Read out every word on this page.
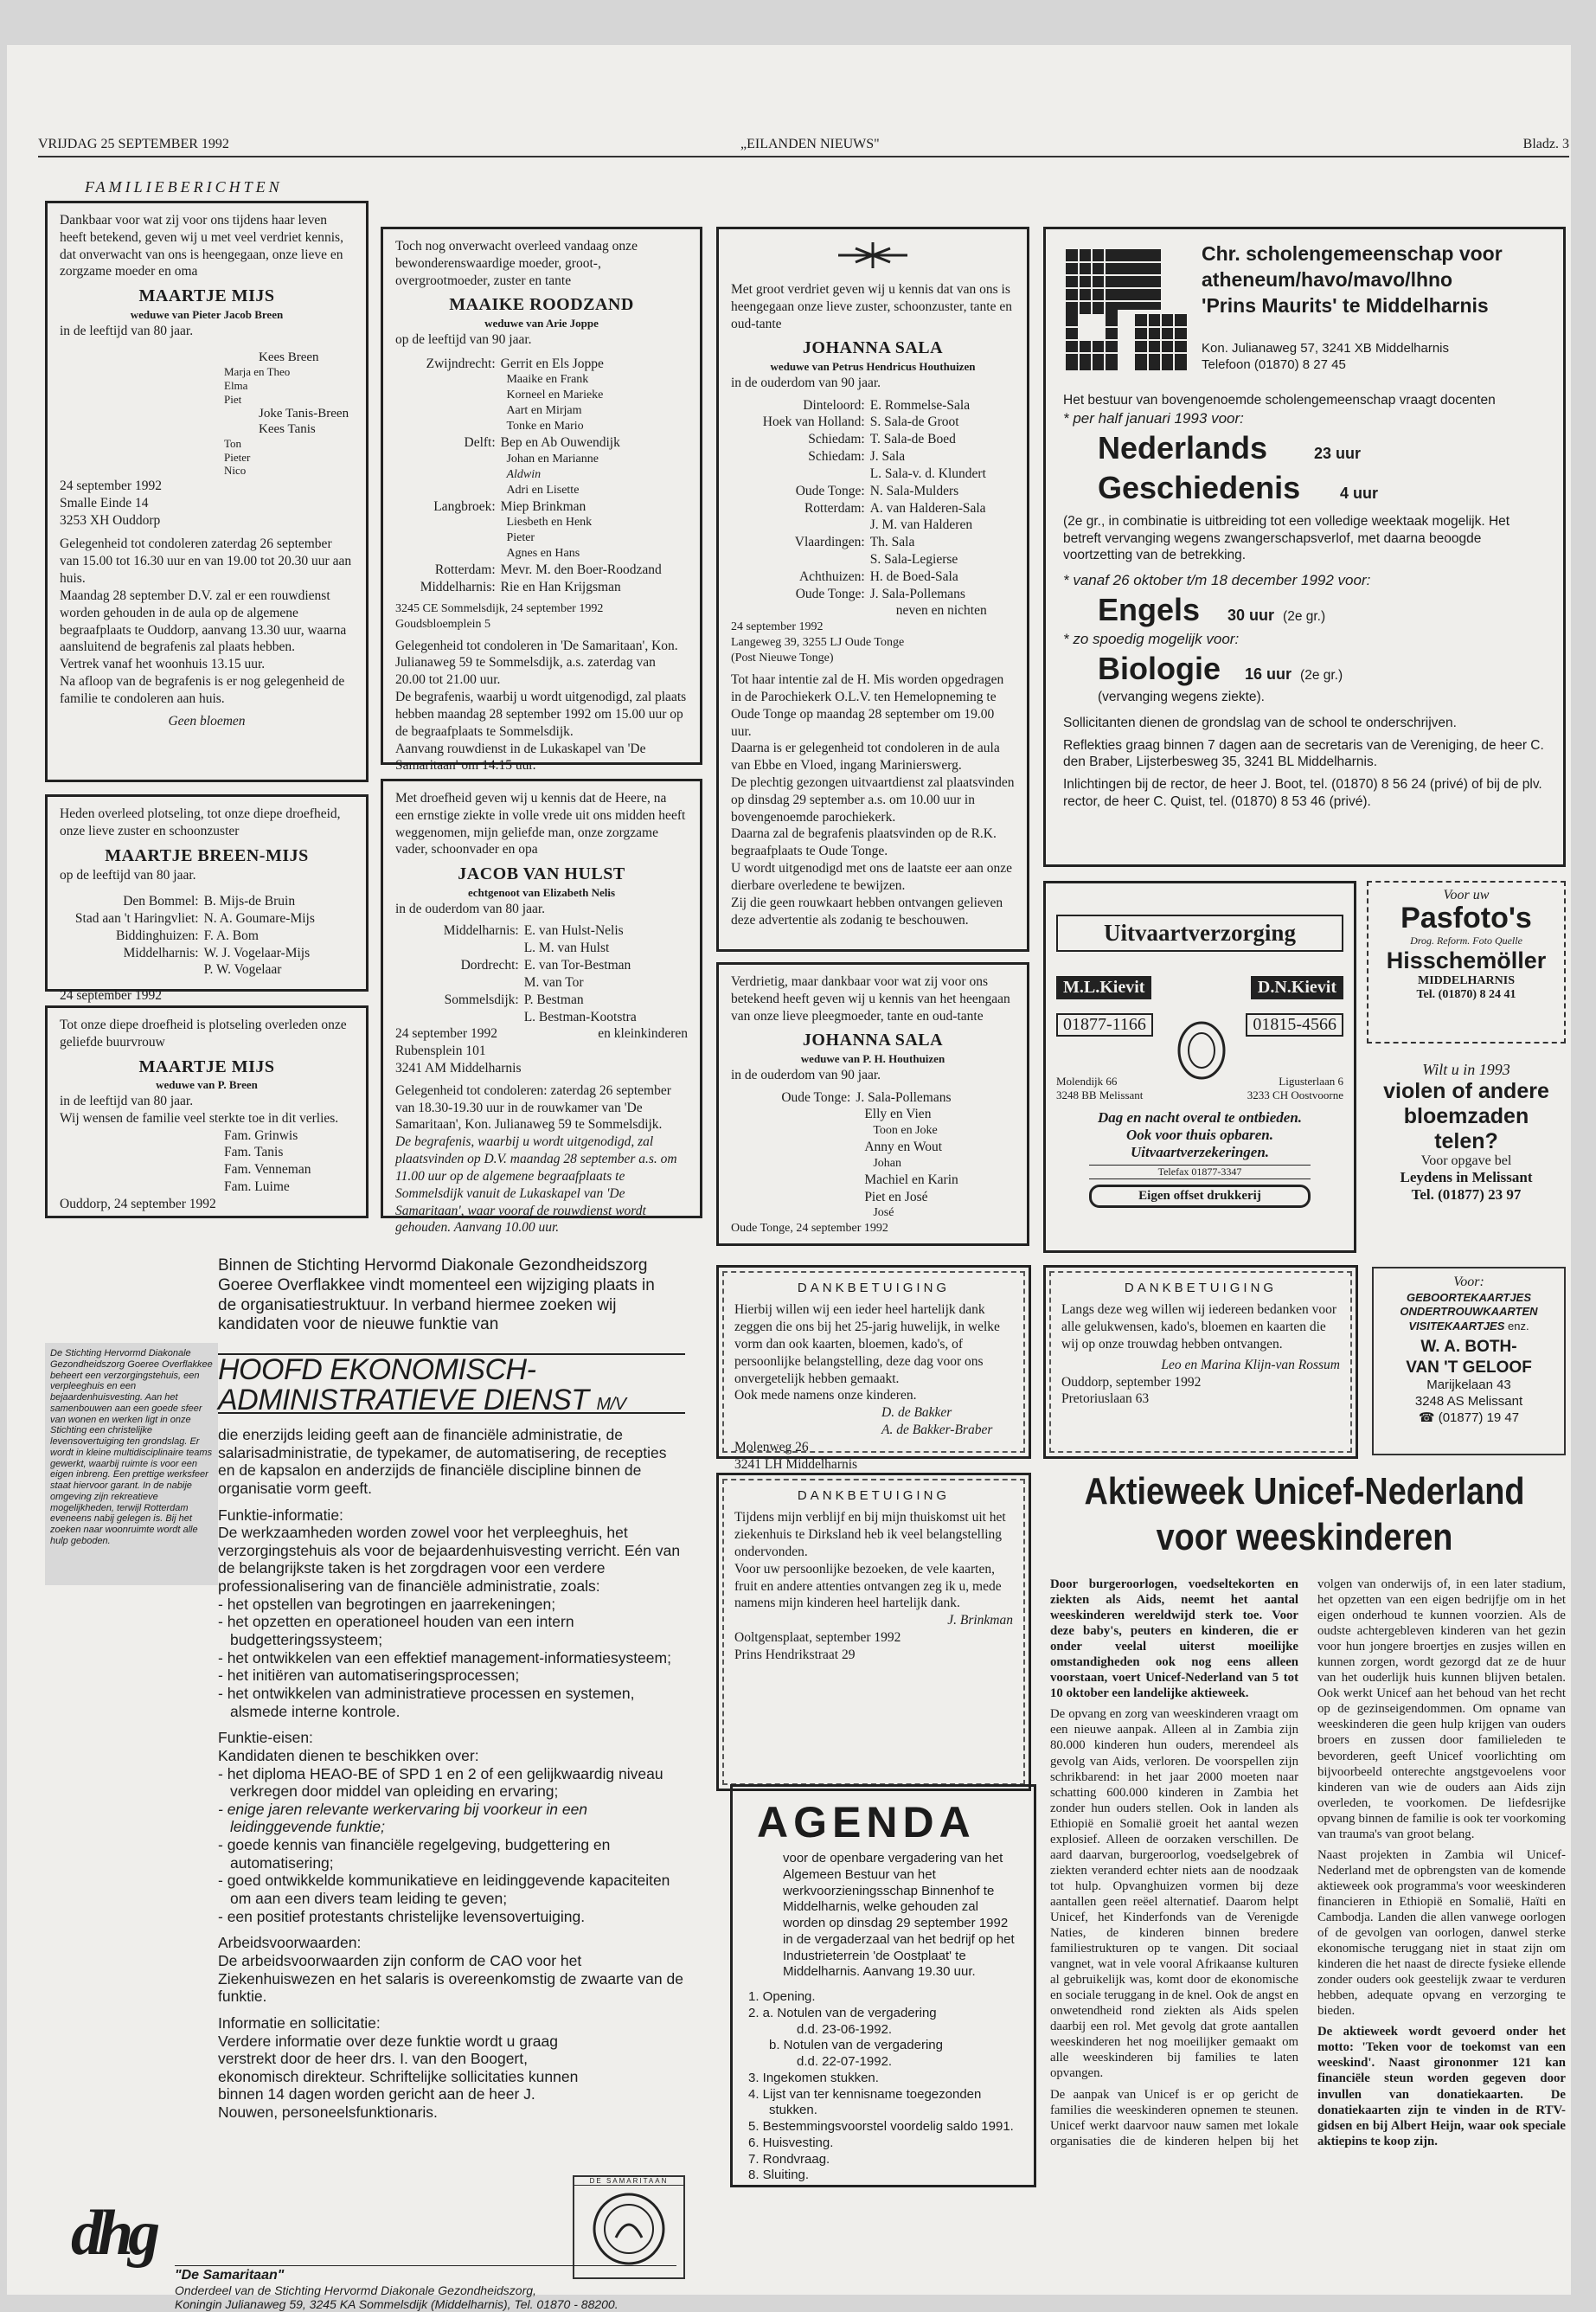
VRIJDAG 25 SEPTEMBER 1992	„EILANDEN NIEUWS"	Bladz. 3
FAMILIEBERICHTEN

Dankbaar voor wat zij voor ons tijdens haar leven heeft betekend, geven wij u met veel verdriet kennis, dat onverwacht van ons is heengegaan, onze lieve en zorgzame moeder en oma

MAARTJE MIJS

weduwe van Pieter Jacob Breen

in de leeftijd van 80 jaar.

Kees Breen

Marja en Theo

Elma

Piet

Joke Tanis-Breen

Kees Tanis

Ton

Pieter

Nico

24 september 1992

Smalle Einde 14

3253 XH Ouddorp

Gelegenheid tot condoleren zaterdag 26 september van 15.00 tot 16.30 uur en van 19.00 tot 20.30 uur aan huis.

Maandag 28 september D.V. zal er een rouwdienst worden gehouden in de aula op de algemene begraafplaats te Ouddorp, aanvang 13.30 uur, waarna aansluitend de begrafenis zal plaats hebben.

Vertrek vanaf het woonhuis 13.15 uur.

Na afloop van de begrafenis is er nog gelegenheid de familie te condoleren aan huis.

Geen bloemen

Heden overleed plotseling, tot onze diepe droefheid, onze lieve zuster en schoonzuster

MAARTJE BREEN-MIJS

op de leeftijd van 80 jaar.

Den Bommel: B. Mijs-de Bruin
Stad aan 't Haringvliet: N. A. Goumare-Mijs
Biddinghuizen: F. A. Bom
Middelharnis: W. J. Vogelaar-Mijs
P. W. Vogelaar

24 september 1992

Tot onze diepe droefheid is plotseling overleden onze geliefde buurvrouw

MAARTJE MIJS

weduwe van P. Breen

in de leeftijd van 80 jaar.

Wij wensen de familie veel sterkte toe in dit verlies.

Fam. Grinwis

Fam. Tanis

Fam. Venneman

Fam. Luime

Ouddorp, 24 september 1992

Toch nog onverwacht overleed vandaag onze bewonderenswaardige moeder, groot-, overgrootmoeder, zuster en tante

MAAIKE ROODZAND

weduwe van Arie Joppe

op de leeftijd van 90 jaar.

Zwijndrecht: Gerrit en Els Joppe

Maaike en Frank

Korneel en Marieke

Aart en Mirjam

Tonke en Mario

Delft: Bep en Ab Ouwendijk

Johan en Marianne

Aldwin

Adri en Lisette

Langbroek: Miep Brinkman

Liesbeth en Henk

Pieter

Agnes en Hans

Rotterdam: Mevr. M. den Boer-Roodzand
Middelharnis: Rie en Han Krijgsman

3245 CE Sommelsdijk, 24 september 1992

Goudsbloemplein 5

Gelegenheid tot condoleren in 'De Samaritaan', Kon. Julianaweg 59 te Sommelsdijk, a.s. zaterdag van 20.00 tot 21.00 uur.

De begrafenis, waarbij u wordt uitgenodigd, zal plaats hebben maandag 28 september 1992 om 15.00 uur op de begraafplaats te Sommelsdijk.

Aanvang rouwdienst in de Lukaskapel van 'De Samaritaan' om 14.15 uur.

Met droefheid geven wij u kennis dat de Heere, na een ernstige ziekte in volle vrede uit ons midden heeft weggenomen, mijn geliefde man, onze zorgzame vader, schoonvader en opa

JACOB VAN HULST

echtgenoot van Elizabeth Nelis

in de ouderdom van 80 jaar.

Middelharnis: E. van Hulst-Nelis
L. M. van Hulst
Dordrecht: E. van Tor-Bestman
M. van Tor
Sommelsdijk: P. Bestman
L. Bestman-Kootstra
24 september 1992	en kleinkinderen

Rubensplein 101

3241 AM Middelharnis

Gelegenheid tot condoleren: zaterdag 26 september van 18.30-19.30 uur in de rouwkamer van 'De Samaritaan', Kon. Julianaweg 59 te Sommelsdijk.

De begrafenis, waarbij u wordt uitgenodigd, zal plaatsvinden op D.V. maandag 28 september a.s. om 11.00 uur op de algemene begraafplaats te Sommelsdijk vanuit de Lukaskapel van 'De Samaritaan', waar vooraf de rouwdienst wordt gehouden. Aanvang 10.00 uur.

Met groot verdriet geven wij u kennis dat van ons is heengegaan onze lieve zuster, schoonzuster, tante en oud-tante

JOHANNA SALA

weduwe van Petrus Hendricus Houthuizen

in de ouderdom van 90 jaar.

Dinteloord: E. Rommelse-Sala
Hoek van Holland: S. Sala-de Groot
Schiedam: T. Sala-de Boed
Schiedam: J. Sala
L. Sala-v. d. Klundert
Oude Tonge: N. Sala-Mulders
Rotterdam: A. van Halderen-Sala
J. M. van Halderen
Vlaardingen: Th. Sala
S. Sala-Legierse
Achthuizen: H. de Boed-Sala
Oude Tonge: J. Sala-Pollemans
neven en nichten

24 september 1992

Langeweg 39, 3255 LJ Oude Tonge

(Post Nieuwe Tonge)

Tot haar intentie zal de H. Mis worden opgedragen in de Parochiekerk O.L.V. ten Hemelopneming te Oude Tonge op maandag 28 september om 19.00 uur.

Daarna is er gelegenheid tot condoleren in de aula van Ebbe en Vloed, ingang Marinierswerg.

De plechtig gezongen uitvaartdienst zal plaatsvinden op dinsdag 29 september a.s. om 10.00 uur in bovengenoemde parochiekerk.

Daarna zal de begrafenis plaatsvinden op de R.K. begraafplaats te Oude Tonge.

U wordt uitgenodigd met ons de laatste eer aan onze dierbare overledene te bewijzen.

Zij die geen rouwkaart hebben ontvangen gelieven deze advertentie als zodanig te beschouwen.

Verdrietig, maar dankbaar voor wat zij voor ons betekend heeft geven wij u kennis van het heengaan van onze lieve pleegmoeder, tante en oud-tante

JOHANNA SALA

weduwe van P. H. Houthuizen

in de ouderdom van 90 jaar.

Oude Tonge: J. Sala-Pollemans

Elly en Vien

Toon en Joke

Anny en Wout

Johan

Machiel en Karin

Piet en José

José

Oude Tonge, 24 september 1992

Chr. scholengemeenschap voor

atheneum/havo/mavo/lhno

'Prins Maurits' te Middelharnis

Kon. Julianaweg 57, 3241 XB Middelharnis

Telefoon (01870) 8 27 45

Het bestuur van bovengenoemde scholengemeenschap vraagt docenten

* per half januari 1993 voor:

Nederlands	23 uur
Geschiedenis	4 uur

(2e gr., in combinatie is uitbreiding tot een volledige weektaak mogelijk. Het betreft vervanging wegens zwangerschapsverlof, met daarna beoogde voortzetting van de betrekking.

* vanaf 26 oktober t/m 18 december 1992 voor:

Engels	30 uur (2e gr.)

* zo spoedig mogelijk voor:

Biologie	16 uur (2e gr.)

(vervanging wegens ziekte).

Sollicitanten dienen de grondslag van de school te onderschrijven.

Reflekties graag binnen 7 dagen aan de secretaris van de Vereniging, de heer C. den Braber, Lijsterbesweg 35, 3241 BL Middelharnis.

Inlichtingen bij de rector, de heer J. Boot, tel. (01870) 8 56 24 (privé) of bij de plv. rector, de heer C. Quist, tel. (01870) 8 53 46 (privé).

Uitvaartverzorging
M.L.Kievit	D.N.Kievit
01877-1166	01815-4566

Molendijk 66

3248 BB Melissant

Ligusterlaan 6

3233 CH Oostvoorne

Dag en nacht overal te ontbieden.

Ook voor thuis opbaren.

Uitvaartverzekeringen.

Telefax 01877-3347

Eigen offset drukkerij

Voor uw

Pasfoto's

Drog. Reform. Foto Quelle

Hisschemöller

MIDDELHARNIS

Tel. (01870) 8 24 41

Wilt u in 1993

violen of andere

bloemzaden telen?

Voor opgave bel

Leydens in Melissant

Tel. (01877) 23 97

Voor:

GEBOORTEKAARTJES

ONDERTROUWKAARTEN

VISITEKAARTJES enz.

W. A. BOTH-

VAN 'T GELOOF

Marijkelaan 43

3248 AS Melissant

☎ (01877) 19 47

DANKBETUIGING

Hierbij willen wij een ieder heel hartelijk dank zeggen die ons bij het 25-jarig huwelijk, in welke vorm dan ook kaarten, bloemen, kado's, of persoonlijke belangstelling, deze dag voor ons onvergetelijk hebben gemaakt.

Ook mede namens onze kinderen.

D. de Bakker

A. de Bakker-Braber

Molenweg 26

3241 LH Middelharnis

DANKBETUIGING

Langs deze weg willen wij iedereen bedanken voor alle gelukwensen, kado's, bloemen en kaarten die wij op onze trouwdag hebben ontvangen.

Leo en Marina Klijn-van Rossum

Ouddorp, september 1992

Pretoriuslaan 63

DANKBETUIGING

Tijdens mijn verblijf en bij mijn thuiskomst uit het ziekenhuis te Dirksland heb ik veel belangstelling ondervonden.

Voor uw persoonlijke bezoeken, de vele kaarten, fruit en andere attenties ontvangen zeg ik u, mede namens mijn kinderen heel hartelijk dank.

J. Brinkman

Ooltgensplaat, september 1992

Prins Hendrikstraat 29

AGENDA

voor de openbare vergadering van het Algemeen Bestuur van het werkvoorzieningsschap Binnenhof te Middelharnis, welke gehouden zal worden op dinsdag 29 september 1992 in de vergaderzaal van het bedrijf op het Industrieterrein 'de Oostplaat' te Middelharnis. Aanvang 19.30 uur.

1. Opening.
2. a. Notulen van de vergadering
d.d. 23-06-1992.
b. Notulen van de vergadering
d.d. 22-07-1992.
3. Ingekomen stukken.
4. Lijst van ter kennisname toegezonden
stukken.
5. Bestemmingsvoorstel voordelig saldo 1991.
6. Huisvesting.
7. Rondvraag.
8. Sluiting.

Aktieweek Unicef-Nederland

voor weeskinderen

Door burgeroorlogen, voedseltekorten en ziekten als Aids, neemt het aantal weeskinderen wereldwijd sterk toe. Voor deze baby's, peuters en kinderen, die er onder veelal uiterst moeilijke omstandigheden ook nog eens alleen voorstaan, voert Unicef-Nederland van 5 tot 10 oktober een landelijke aktieweek.

De opvang en zorg van weeskinderen vraagt om een nieuwe aanpak. Alleen al in Zambia zijn 80.000 kinderen hun ouders, merendeel als gevolg van Aids, verloren. De voorspellen zijn schrikbarend: in het jaar 2000 moeten naar schatting 600.000 kinderen in Zambia het zonder hun ouders stellen. Ook in landen als Ethiopië en Somalië groeit het aantal wezen explosief. Alleen de oorzaken verschillen. De aard daarvan, burgeroorlog, voedselgebrek of ziekten veranderd echter niets aan de noodzaak tot hulp. Opvanghuizen vormen bij deze aantallen geen reëel alternatief. Daarom helpt Unicef, het Kinderfonds van de Verenigde Naties, de kinderen binnen bredere familiestrukturen op te vangen. Dit sociaal vangnet, wat in vele vooral Afrikaanse kulturen al gebruikelijk was, komt door de ekonomische en sociale teruggang in de knel. Ook de angst en onwetendheid rond ziekten als Aids spelen daarbij een rol. Met gevolg dat grote aantallen weeskinderen het nog moeilijker gemaakt om alle weeskinderen bij families te laten opvangen.

De aanpak van Unicef is er op gericht de families die weeskinderen opnemen te steunen. Unicef werkt daarvoor nauw samen met lokale organisaties die de kinderen helpen bij het volgen van onderwijs of, in een later stadium, het opzetten van een eigen bedrijfje om in het eigen onderhoud te kunnen voorzien. Als de oudste achtergebleven kinderen van het gezin voor hun jongere broertjes en zusjes willen en kunnen zorgen, wordt gezorgd dat ze de huur van het ouderlijk huis kunnen blijven betalen. Ook werkt Unicef aan het behoud van het recht op de gezinseigendommen. Om opname van weeskinderen die geen hulp krijgen van ouders broers en zussen door familieleden te bevorderen, geeft Unicef voorlichting om bijvoorbeeld onterechte angstgevoelens voor kinderen van wie de ouders aan Aids zijn overleden, te voorkomen. De liefdesrijke opvang binnen de familie is ook ter voorkoming van trauma's van groot belang.

Naast projekten in Zambia wil Unicef-Nederland met de opbrengsten van de komende aktieweek ook programma's voor weeskinderen financieren in Ethiopië en Somalië, Haïti en Cambodja. Landen die allen vanwege oorlogen of de gevolgen van oorlogen, danwel sterke ekonomische teruggang niet in staat zijn om kinderen die het naast de directe fysieke ellende zonder ouders ook geestelijk zwaar te verduren hebben, adequate opvang en verzorging te bieden.

De aktieweek wordt gevoerd onder het motto: 'Teken voor de toekomst van een weeskind'. Naast girononmer 121 kan financiële steun worden gegeven door invullen van donatiekaarten. De donatiekaarten zijn te vinden in de RTV-gidsen en bij Albert Heijn, waar ook speciale aktiepins te koop zijn.

Binnen de Stichting Hervormd Diakonale Gezondheidszorg Goeree Overflakkee vindt momenteel een wijziging plaats in de organisatiestruktuur. In verband hiermee zoeken wij kandidaten voor de nieuwe funktie van

De Stichting Hervormd Diakonale Gezondheidszorg Goeree Overflakkee beheert een verzorgingstehuis, een verpleeghuis en een bejaardenhuisvesting. Aan het samenbouwen aan een goede sfeer van wonen en werken ligt in onze Stichting een christelijke levensovertuiging ten grondslag. Er wordt in kleine multidisciplinaire teams gewerkt, waarbij ruimte is voor een eigen inbreng. Een prettige werksfeer staat hiervoor garant. In de nabije omgeving zijn rekreatieve mogelijkheden, terwijl Rotterdam eveneens nabij gelegen is. Bij het zoeken naar woonruimte wordt alle hulp geboden.
HOOFD EKONOMISCH-ADMINISTRATIEVE DIENST M/V

die enerzijds leiding geeft aan de financiële administratie, de salarisadministratie, de typekamer, de automatisering, de recepties en de kapsalon en anderzijds de financiële discipline binnen de organisatie vorm geeft.

Funktie-informatie:

De werkzaamheden worden zowel voor het verpleeghuis, het verzorgingstehuis als voor de bejaardenhuisvesting verricht. Eén van de belangrijkste taken is het zorgdragen voor een verdere professionalisering van de financiële administratie, zoals:

- het opstellen van begrotingen en jaarrekeningen;
- het opzetten en operationeel houden van een intern budgetteringssysteem;
- het ontwikkelen van een effektief management-informatiesysteem;
- het initiëren van automatiseringsprocessen;
- het ontwikkelen van administratieve processen en systemen, alsmede interne kontrole.

Funktie-eisen:

Kandidaten dienen te beschikken over:

- het diploma HEAO-BE of SPD 1 en 2 of een gelijkwaardig niveau verkregen door middel van opleiding en ervaring;
- enige jaren relevante werkervaring bij voorkeur in een leidinggevende funktie;
- goede kennis van financiële regelgeving, budgettering en automatisering;
- goed ontwikkelde kommunikatieve en leidinggevende kapaciteiten om aan een divers team leiding te geven;
- een positief protestants christelijke levensovertuiging.

Arbeidsvoorwaarden:

De arbeidsvoorwaarden zijn conform de CAO voor het Ziekenhuiswezen en het salaris is overeenkomstig de zwaarte van de funktie.

Informatie en sollicitatie:

Verdere informatie over deze funktie wordt u graag verstrekt door de heer drs. I. van den Boogert, ekonomisch direkteur. Schriftelijke sollicitaties kunnen binnen 14 dagen worden gericht aan de heer J. Nouwen, personeelsfunktionaris.

DE SAMARITAAN

dhg

"De Samaritaan"

Onderdeel van de Stichting Hervormd Diakonale Gezondheidszorg,

Koningin Julianaweg 59, 3245 KA Sommelsdijk (Middelharnis), Tel. 01870 - 88200.
